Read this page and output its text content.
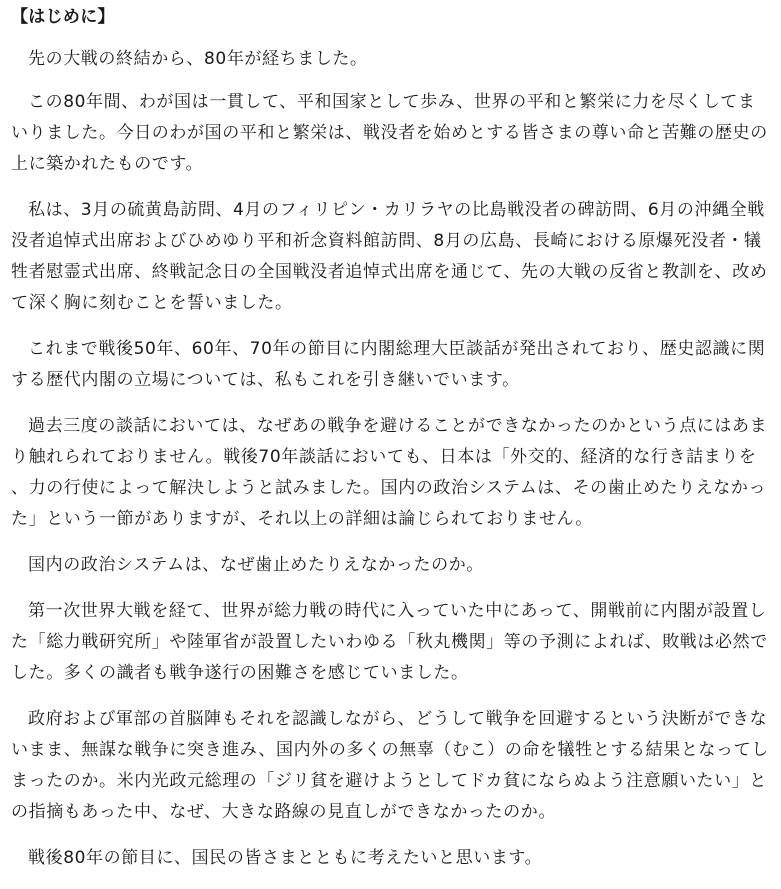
【はじめに】

先の大戦の終結から、80年が経ちました。

この80年間、わが国は一貫して、平和国家として歩み、世界の平和と繁栄に力を尽くしてまいりました。今日のわが国の平和と繁栄は、戦没者を始めとする皆さまの尊い命と苦難の歴史の上に築かれたものです。

私は、3月の硫黄島訪問、4月のフィリピン・カリラヤの比島戦没者の碑訪問、6月の沖縄全戦没者追悼式出席およびひめゆり平和祈念資料館訪問、8月の広島、長崎における原爆死没者・犠牲者慰霊式出席、終戦記念日の全国戦没者追悼式出席を通じて、先の大戦の反省と教訓を、改めて深く胸に刻むことを誓いました。

これまで戦後50年、60年、70年の節目に内閣総理大臣談話が発出されており、歴史認識に関する歴代内閣の立場については、私もこれを引き継いでいます。

過去三度の談話においては、なぜあの戦争を避けることができなかったのかという点にはあまり触れられておりません。戦後70年談話においても、日本は「外交的、経済的な行き詰まりを、力の行使によって解決しようと試みました。国内の政治システムは、その歯止めたりえなかった」という一節がありますが、それ以上の詳細は論じられておりません。

国内の政治システムは、なぜ歯止めたりえなかったのか。

第一次世界大戦を経て、世界が総力戦の時代に入っていた中にあって、開戦前に内閣が設置した「総力戦研究所」や陸軍省が設置したいわゆる「秋丸機関」等の予測によれば、敗戦は必然でした。多くの識者も戦争遂行の困難さを感じていました。

政府および軍部の首脳陣もそれを認識しながら、どうして戦争を回避するという決断ができないまま、無謀な戦争に突き進み、国内外の多くの無辜（むこ）の命を犠牲とする結果となってしまったのか。米内光政元総理の「ジリ貧を避けようとしてドカ貧にならぬよう注意願いたい」との指摘もあった中、なぜ、大きな路線の見直しができなかったのか。

戦後80年の節目に、国民の皆さまとともに考えたいと思います。
